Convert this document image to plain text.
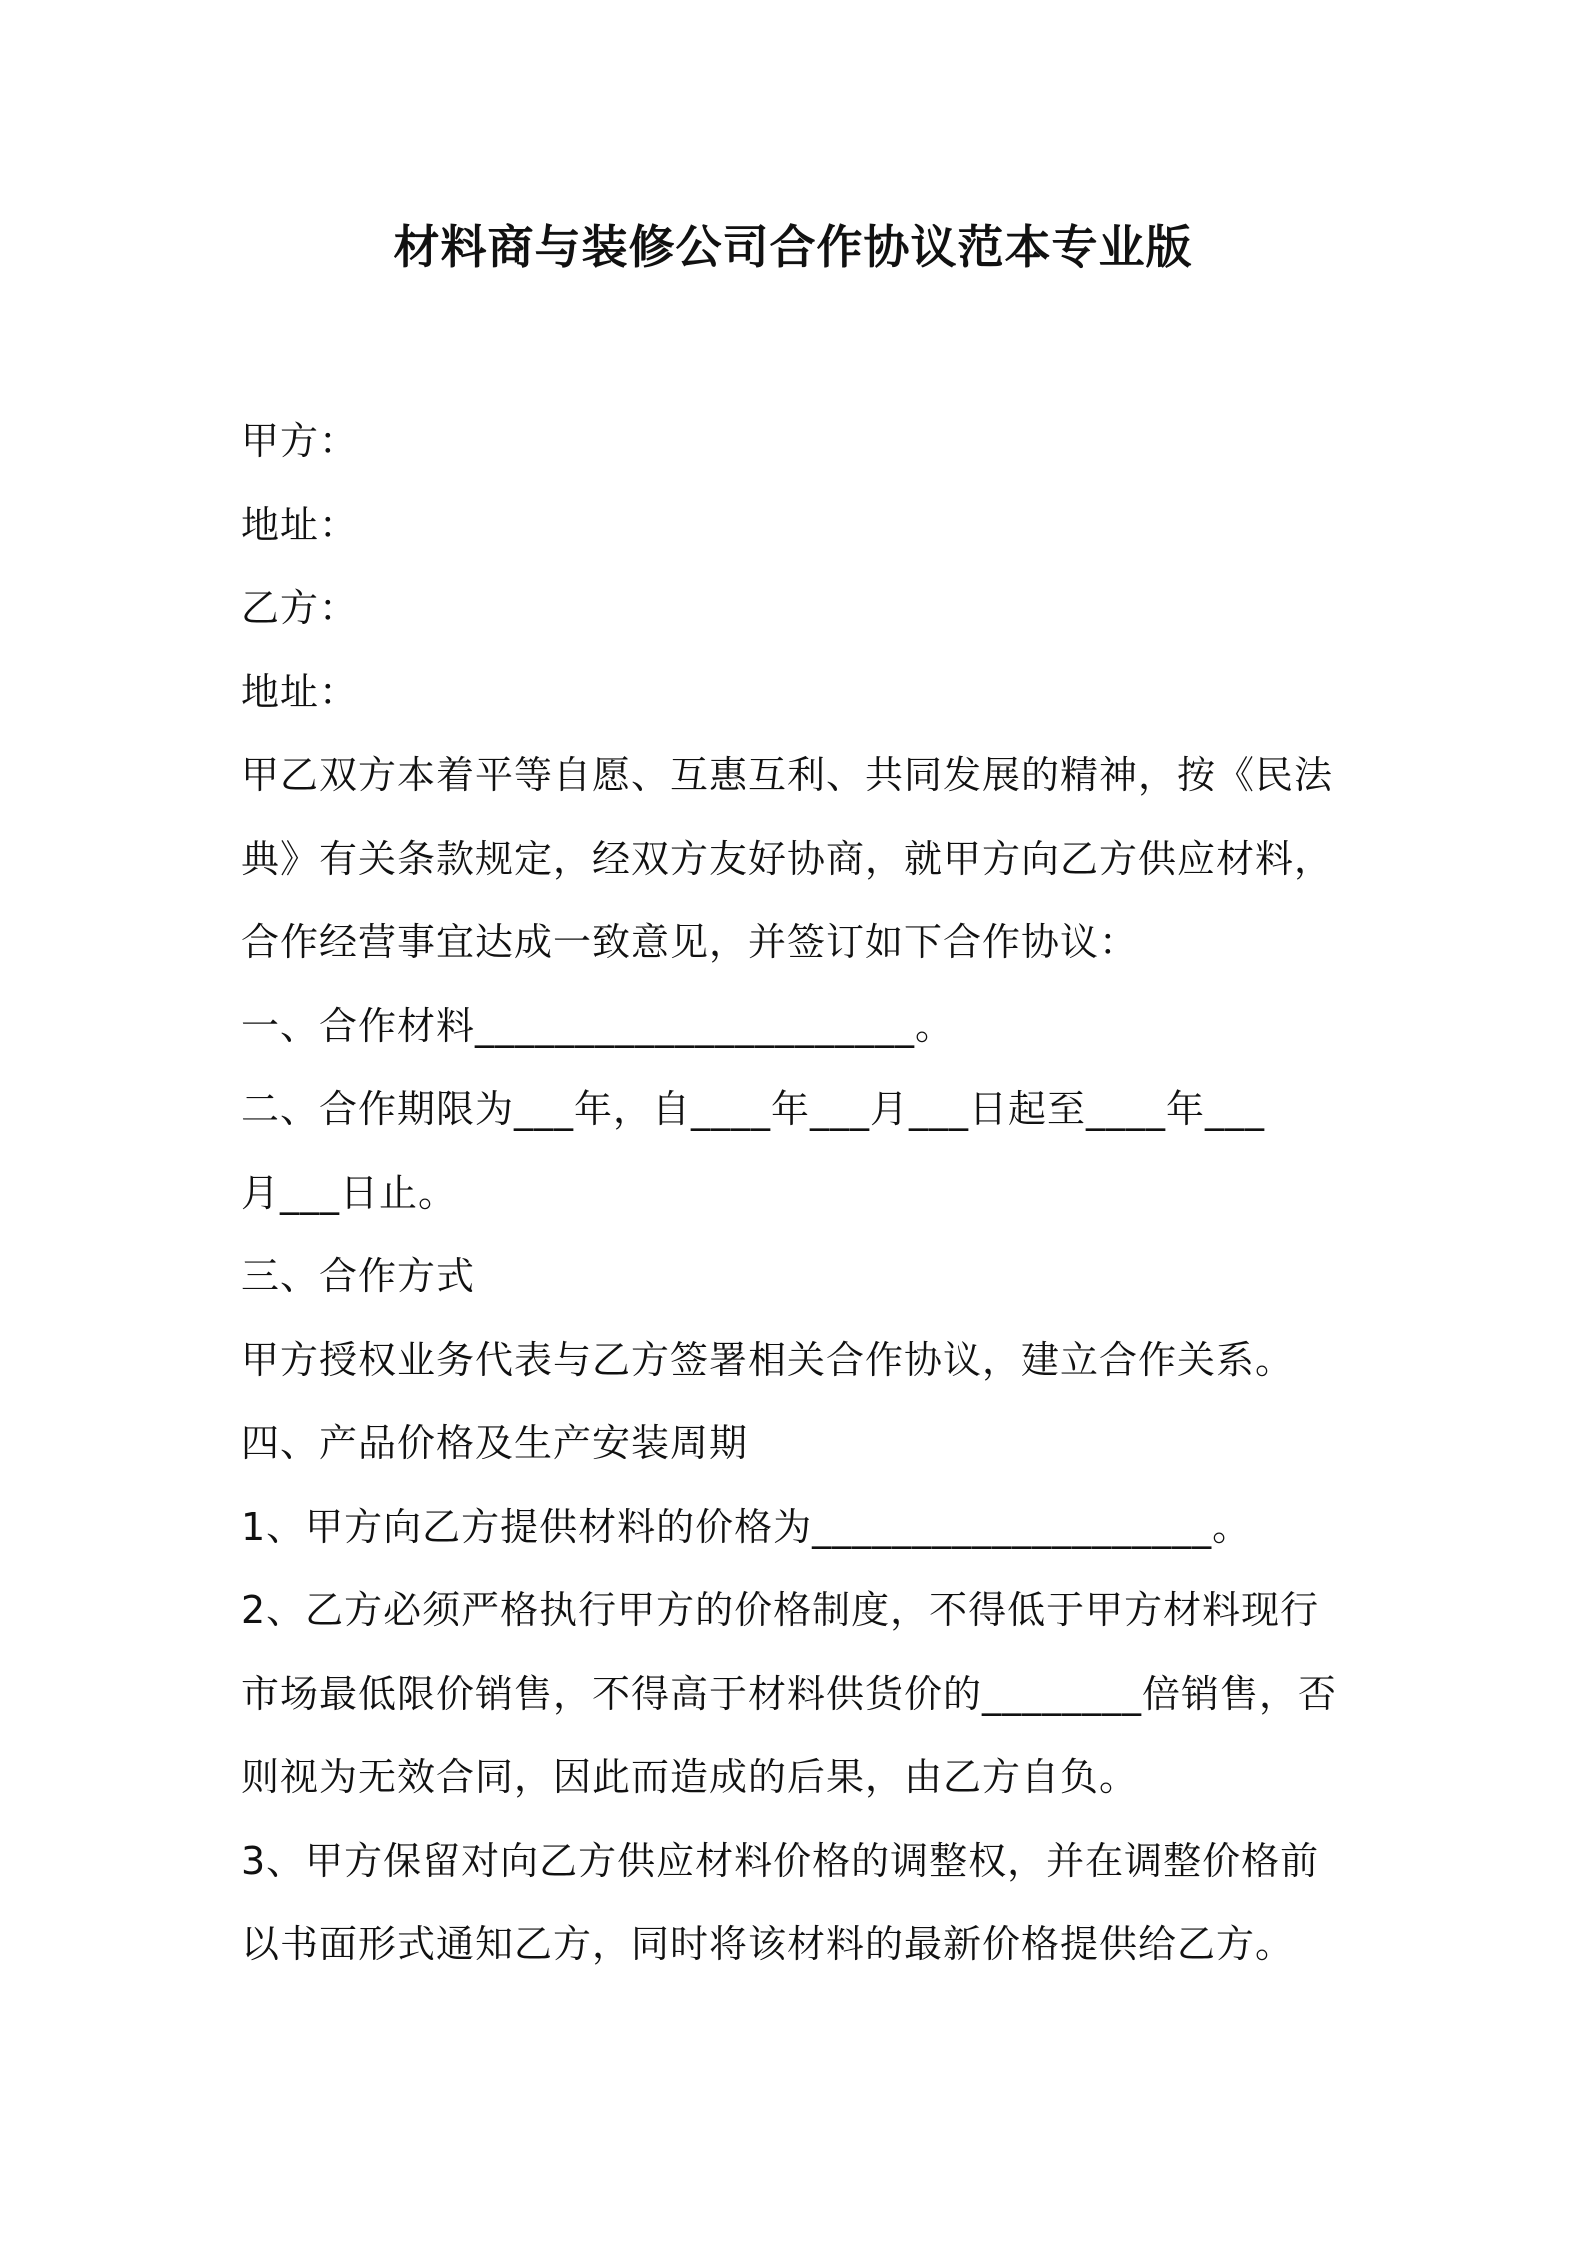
材料商与装修公司合作协议范本专业版
甲方：
地址：
乙方：
地址：
甲乙双方本着平等自愿、互惠互利、共同发展的精神，按《民法
典》有关条款规定，经双方友好协商，就甲方向乙方供应材料，
合作经营事宜达成一致意见，并签订如下合作协议：
一、合作材料______________________。
二、合作期限为___年，自____年___月___日起至____年___
月___日止。
三、合作方式
甲方授权业务代表与乙方签署相关合作协议，建立合作关系。
四、产品价格及生产安装周期
1、甲方向乙方提供材料的价格为____________________。
2、乙方必须严格执行甲方的价格制度，不得低于甲方材料现行
市场最低限价销售，不得高于材料供货价的________倍销售，否
则视为无效合同，因此而造成的后果，由乙方自负。
3、甲方保留对向乙方供应材料价格的调整权，并在调整价格前
以书面形式通知乙方，同时将该材料的最新价格提供给乙方。
